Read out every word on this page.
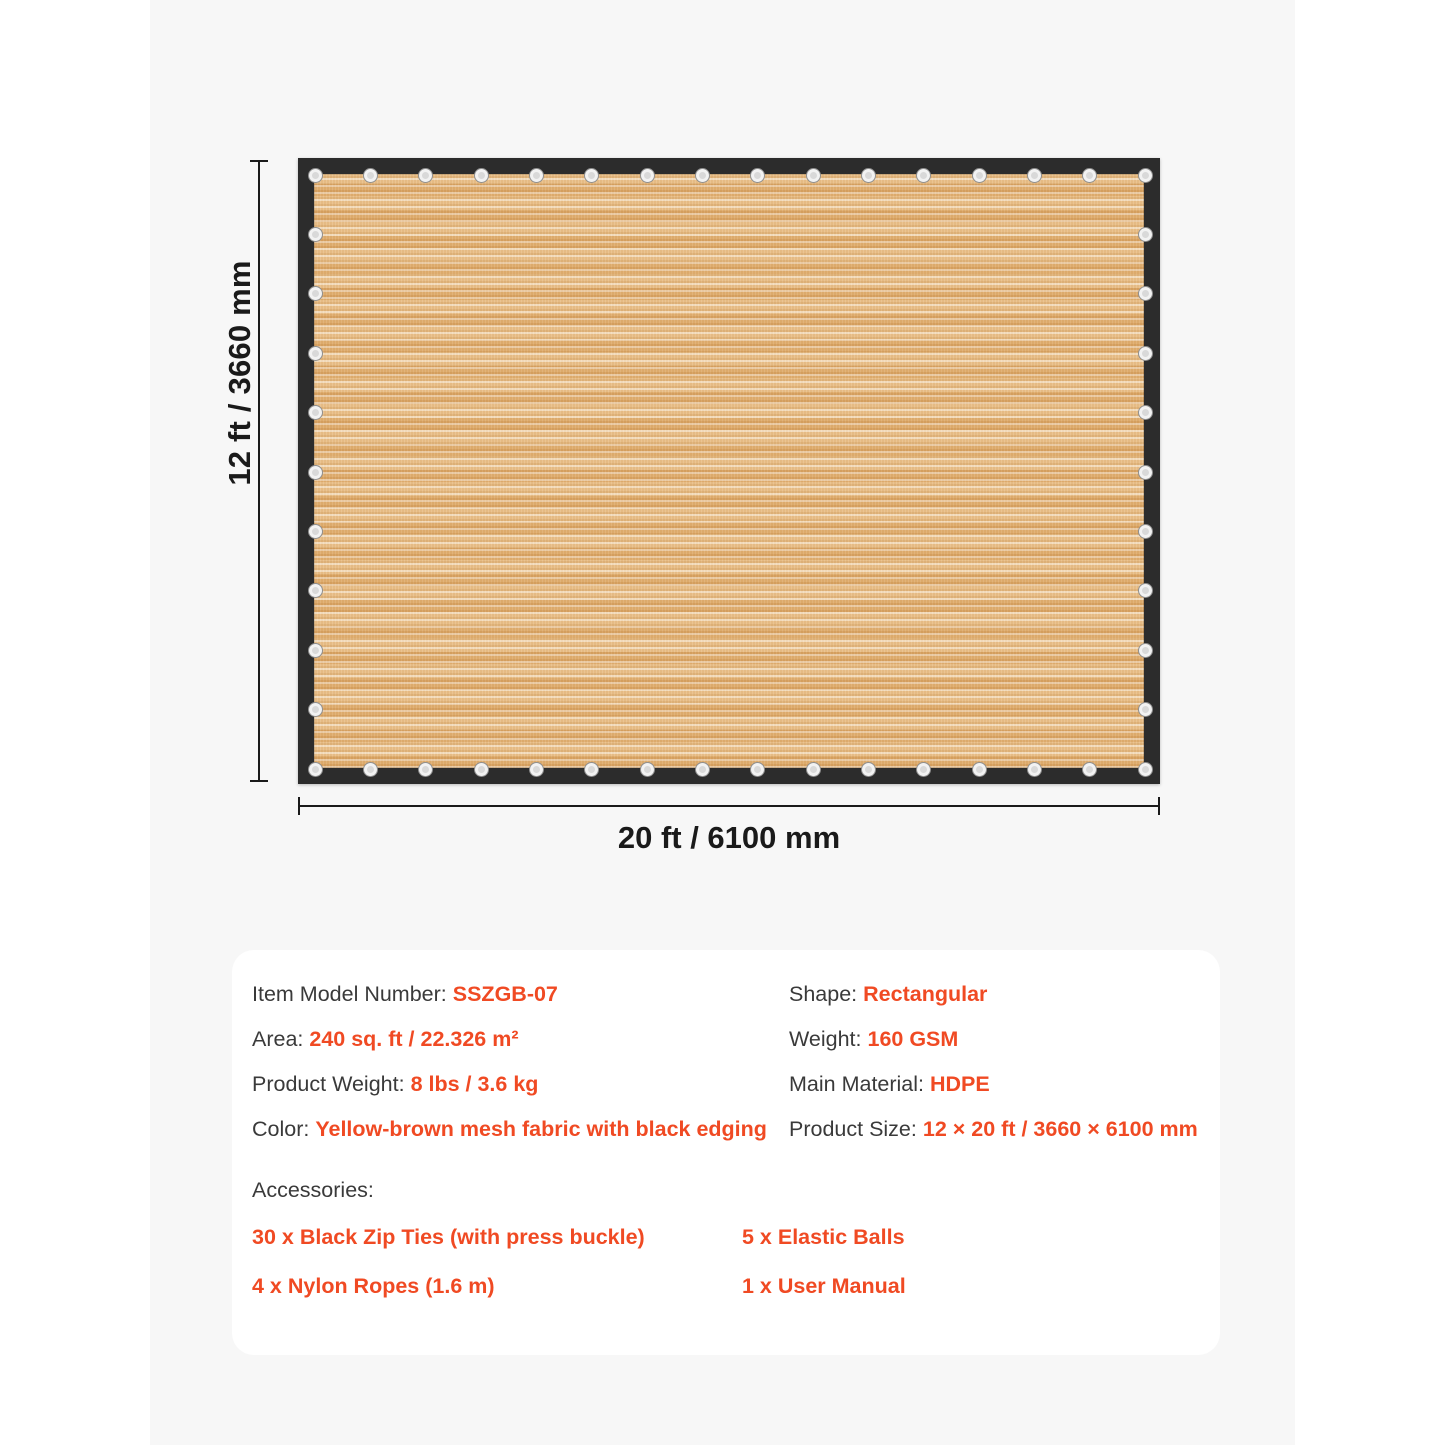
12 ft / 3660 mm
20 ft / 6100 mm
Item Model Number: SSZGB-07	Shape: Rectangular
Area: 240 sq. ft / 22.326 m²	Weight: 160 GSM
Product Weight: 8 lbs / 3.6 kg	Main Material: HDPE
Color: Yellow-brown mesh fabric with black edging	Product Size: 12 × 20 ft / 3660 × 6100 mm
Accessories:
30 x Black Zip Ties (with press buckle)	5 x Elastic Balls
4 x Nylon Ropes (1.6 m)	1 x User Manual
